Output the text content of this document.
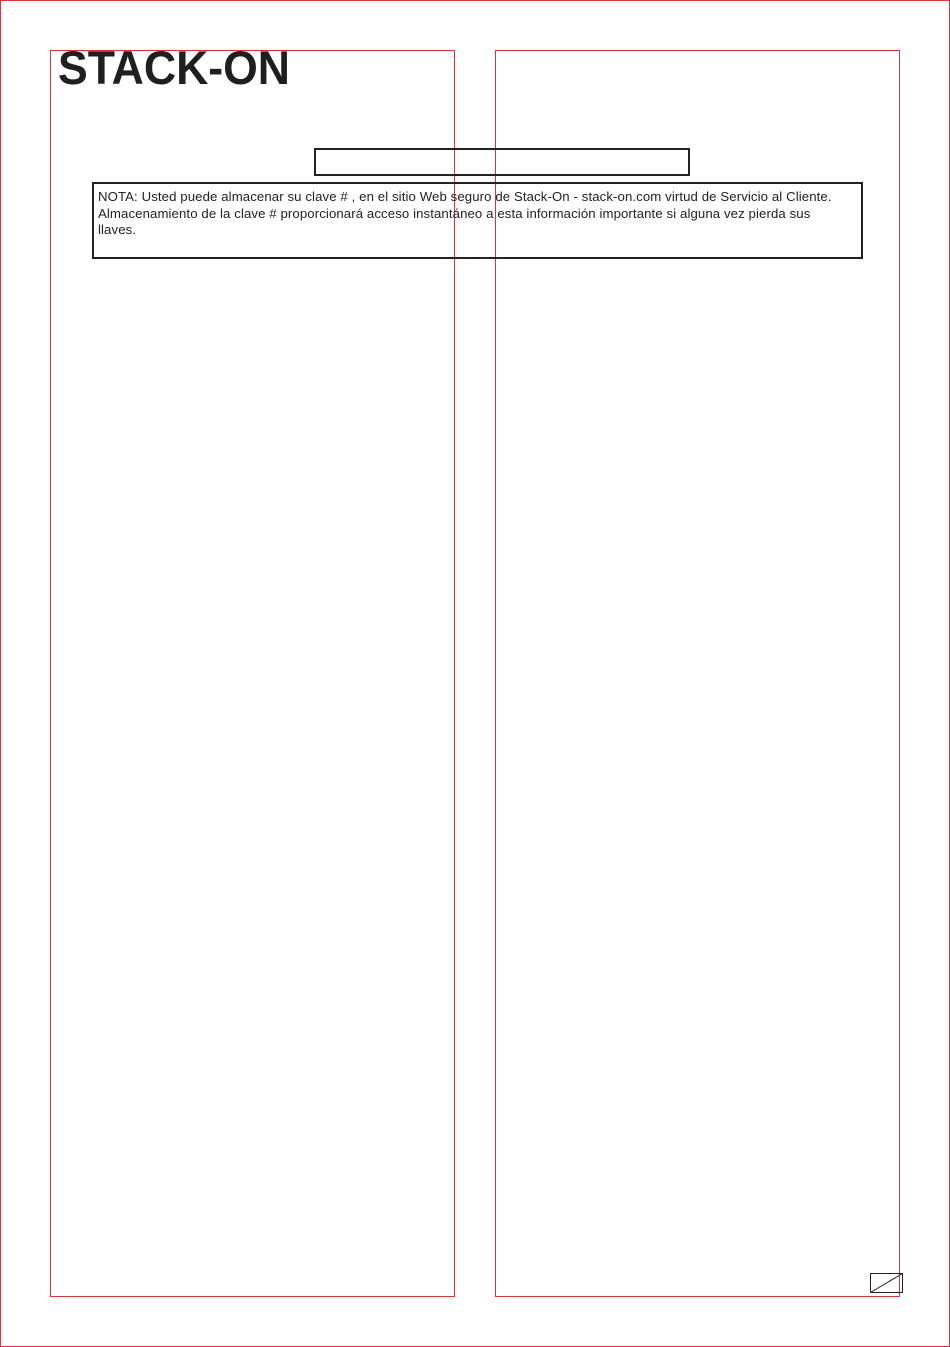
STACK-ON
NOTA: Usted puede almacenar su clave # , en el sitio Web seguro de Stack-On - stack-on.com virtud de Servicio al Cliente.
Almacenamiento de la clave # proporcionará acceso instantáneo a esta información importante si alguna vez pierda sus
llaves.
